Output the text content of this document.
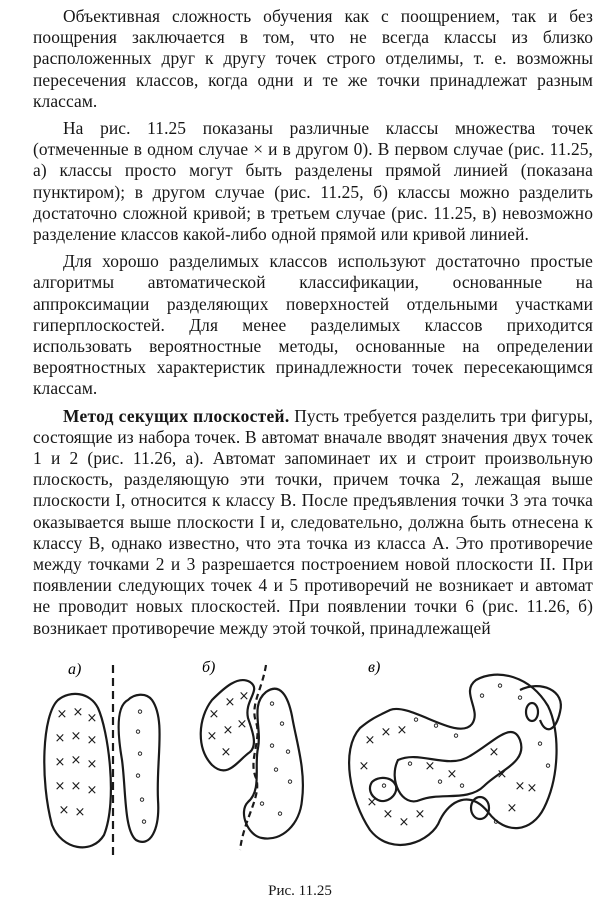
Объективная сложность обучения как с поощрением, так и без поощрения заключается в том, что не всегда классы из близко расположенных друг к другу точек строго отделимы, т. е. возможны пересечения классов, когда одни и те же точки принадлежат разным классам.

На рис. 11.25 показаны различные классы множества точек (отмеченные в одном случае × и в другом 0). В первом случае (рис. 11.25, а) классы просто могут быть разделены прямой линией (показана пунктиром); в другом случае (рис. 11.25, б) классы можно разделить достаточно сложной кривой; в третьем случае (рис. 11.25, в) невозможно разделение классов какой-либо одной прямой или кривой линией.

Для хорошо разделимых классов используют достаточно простые алгоритмы автоматической классификации, основанные на аппроксимации разделяющих поверхностей отдельными участками гиперплоскостей. Для менее разделимых классов приходится использовать вероятностные методы, основанные на определении вероятностных характеристик принадлежности точек пересекающимся классам.

Метод секущих плоскостей. Пусть требуется разделить три фигуры, состоящие из набора точек. В автомат вначале вводят значения двух точек 1 и 2 (рис. 11.26, а). Автомат запоминает их и строит произвольную плоскость, разделяющую эти точки, причем точка 2, лежащая выше плоскости I, относится к классу B. После предъявления точки 3 эта точка оказывается выше плоскости I и, следовательно, должна быть отнесена к классу B, однако известно, что эта точка из класса A. Это противоречие между точками 2 и 3 разрешается построением новой плоскости II. При появлении следующих точек 4 и 5 противоречий не возникает и автомат не проводит новых плоскостей. При появлении точки 6 (рис. 11.26, б) возникает противоречие между этой точкой, принадлежащей

а)	б)	в)
× × ×
× × ×
× × ×
× × ×
× ×
∘
∘
∘
∘
∘
∘
×
× ×
× × ×
×
∘
∘
∘ ∘
∘
∘
∘
∘
×
× ×
×
×
×
×
×
×
×
×
×
×
×
×
∘ ∘
∘
∘
∘
∘
∘
∘
∘
∘ ∘
∘
∘
Рис. 11.25
